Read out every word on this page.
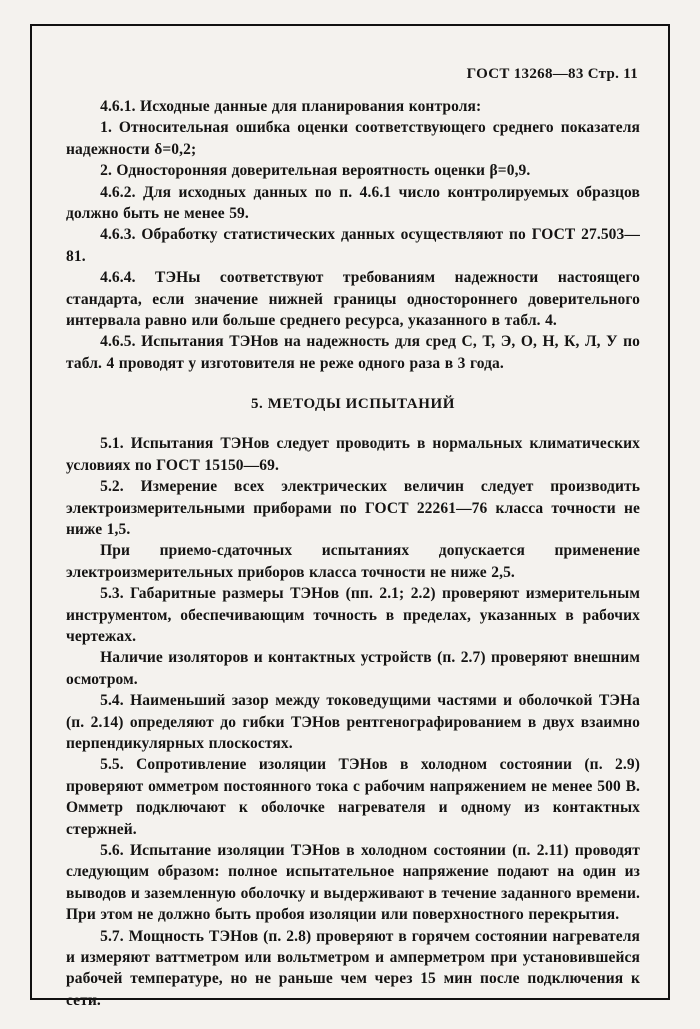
ГОСТ 13268—83 Стр. 11

4.6.1. Исходные данные для планирования контроля:

1. Относительная ошибка оценки соответствующего среднего показателя надежности δ=0,2;

2. Односторонняя доверительная вероятность оценки β=0,9.

4.6.2. Для исходных данных по п. 4.6.1 число контролируемых образцов должно быть не менее 59.

4.6.3. Обработку статистических данных осуществляют по ГОСТ 27.503—81.

4.6.4. ТЭНы соответствуют требованиям надежности настоящего стандарта, если значение нижней границы одностороннего доверительного интервала равно или больше среднего ресурса, указанного в табл. 4.

4.6.5. Испытания ТЭНов на надежность для сред С, Т, Э, О, Н, К, Л, У по табл. 4 проводят у изготовителя не реже одного раза в 3 года.

5. МЕТОДЫ ИСПЫТАНИЙ

5.1. Испытания ТЭНов следует проводить в нормальных климатических условиях по ГОСТ 15150—69.

5.2. Измерение всех электрических величин следует производить электроизмерительными приборами по ГОСТ 22261—76 класса точности не ниже 1,5.

При приемо-сдаточных испытаниях допускается применение электроизмерительных приборов класса точности не ниже 2,5.

5.3. Габаритные размеры ТЭНов (пп. 2.1; 2.2) проверяют измерительным инструментом, обеспечивающим точность в пределах, указанных в рабочих чертежах.

Наличие изоляторов и контактных устройств (п. 2.7) проверяют внешним осмотром.

5.4. Наименьший зазор между токоведущими частями и оболочкой ТЭНа (п. 2.14) определяют до гибки ТЭНов рентгенографированием в двух взаимно перпендикулярных плоскостях.

5.5. Сопротивление изоляции ТЭНов в холодном состоянии (п. 2.9) проверяют омметром постоянного тока с рабочим напряжением не менее 500 В. Омметр подключают к оболочке нагревателя и одному из контактных стержней.

5.6. Испытание изоляции ТЭНов в холодном состоянии (п. 2.11) проводят следующим образом: полное испытательное напряжение подают на один из выводов и заземленную оболочку и выдерживают в течение заданного времени. При этом не должно быть пробоя изоляции или поверхностного перекрытия.

5.7. Мощность ТЭНов (п. 2.8) проверяют в горячем состоянии нагревателя и измеряют ваттметром или вольтметром и амперметром при установившейся рабочей температуре, но не раньше чем через 15 мин после подключения к сети.
